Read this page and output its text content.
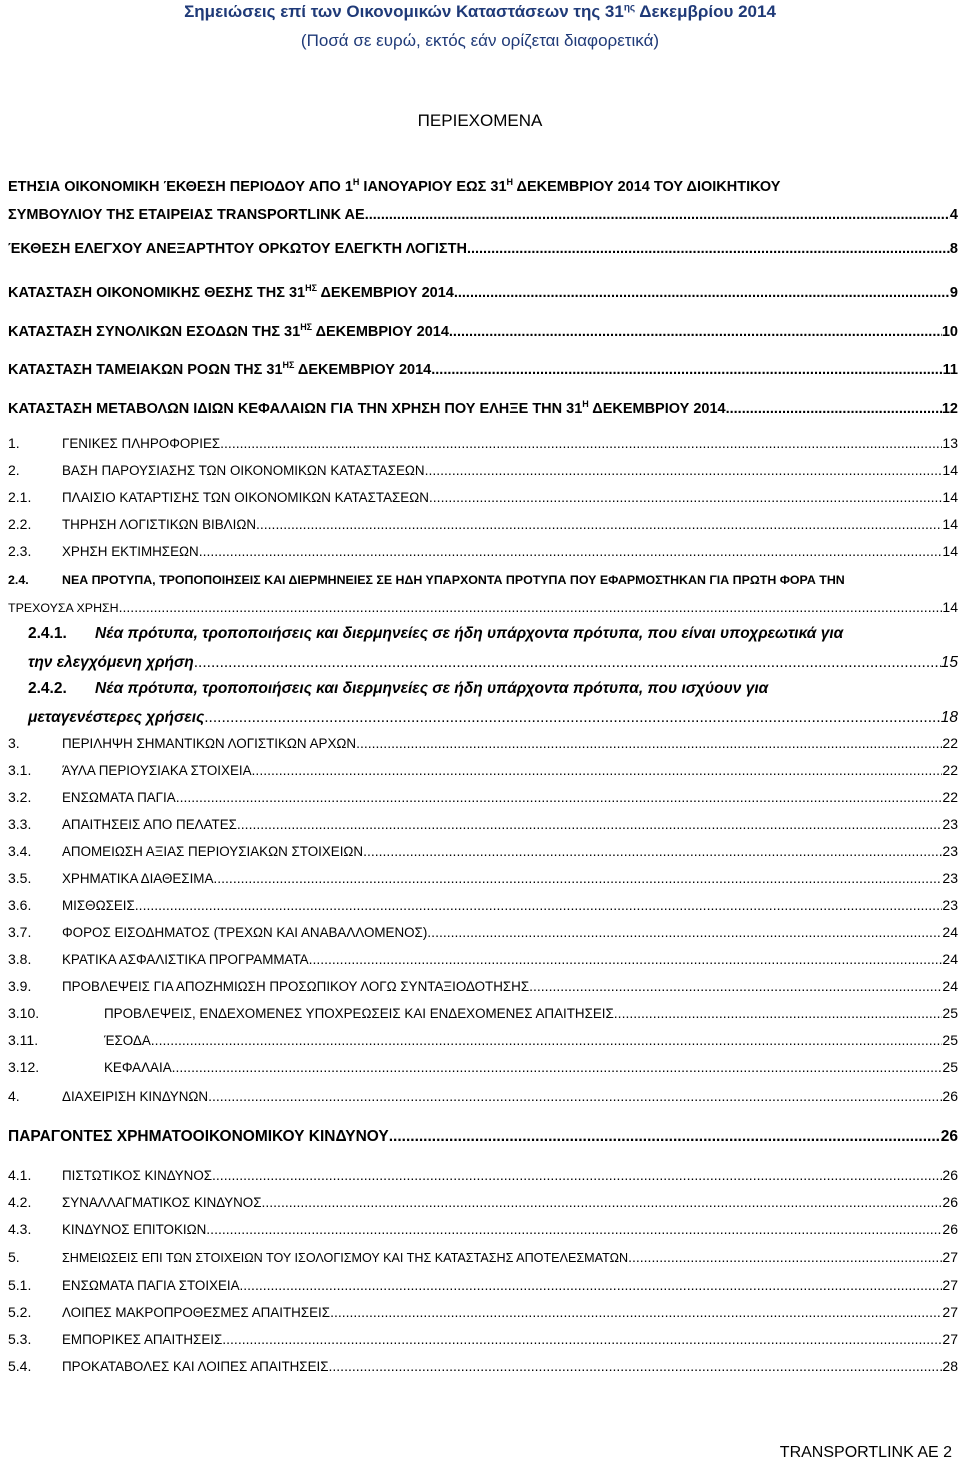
Σημειώσεις επί των Οικονομικών Καταστάσεων της $31^{\eta\varsigma}$ Δεκεμβρίου 2014
(Ποσά σε ευρώ, εκτός εάν ορίζεται διαφορετικά)
ΠΕΡΙΕΧΟΜΕΝΑ
ΕΤΗΣΙΑ ΟΙΚΟΝΟΜΙΚΗ ΈΚΘΕΣΗ ΠΕΡΙΟΔΟΥ ΑΠΟ $1^H$ ΙΑΝΟΥΑΡΙΟΥ ΕΩΣ $31^H$ ΔΕΚΕΜΒΡΙΟΥ 2014 ΤΟΥ ΔΙΟΙΚΗΤΙΚΟΥ
ΣΥΜΒΟΥΛΙΟΥ ΤΗΣ ΕΤΑΙΡΕΙΑΣ TRANSPORTLINK AE .....	4
ΈΚΘΕΣΗ ΕΛΕΓΧΟΥ ΑΝΕΞΑΡΤΗΤΟΥ ΟΡΚΩΤΟΥ ΕΛΕΓΚΤΗ ΛΟΓΙΣΤΗ .....	8
ΚΑΤΑΣΤΑΣΗ ΟΙΚΟΝΟΜΙΚΗΣ ΘΕΣΗΣ ΤΗΣ $31^{H\Sigma}$ ΔΕΚΕΜΒΡΙΟΥ 2014 .....	9
ΚΑΤΑΣΤΑΣΗ ΣΥΝΟΛΙΚΩΝ ΕΣΟΔΩΝ ΤΗΣ $31^{H\Sigma}$ ΔΕΚΕΜΒΡΙΟΥ 2014 .....	10
ΚΑΤΑΣΤΑΣΗ ΤΑΜΕΙΑΚΩΝ ΡΟΩΝ ΤΗΣ $31^{H\Sigma}$ ΔΕΚΕΜΒΡΙΟΥ 2014 .....	11
ΚΑΤΑΣΤΑΣΗ ΜΕΤΑΒΟΛΩΝ ΙΔΙΩΝ ΚΕΦΑΛΑΙΩΝ ΓΙΑ ΤΗΝ ΧΡΗΣΗ ΠΟΥ ΕΛΗΞΕ ΤΗΝ $31^H$ ΔΕΚΕΜΒΡΙΟΥ 2014 .....	12
1.	ΓΕΝΙΚΕΣ ΠΛΗΡΟΦΟΡΙΕΣ .....	13
2.	ΒΑΣΗ ΠΑΡΟΥΣΙΑΣΗΣ ΤΩΝ ΟΙΚΟΝΟΜΙΚΩΝ ΚΑΤΑΣΤΑΣΕΩΝ .....	14
2.1.	ΠΛΑΙΣΙΟ ΚΑΤΑΡΤΙΣΗΣ ΤΩΝ ΟΙΚΟΝΟΜΙΚΩΝ ΚΑΤΑΣΤΑΣΕΩΝ .....	14
2.2.	ΤΗΡΗΣΗ ΛΟΓΙΣΤΙΚΩΝ ΒΙΒΛΙΩΝ .....	14
2.3.	ΧΡΗΣΗ ΕΚΤΙΜΗΣΕΩΝ .....	14
2.4.	ΝΕΑ ΠΡΟΤΥΠΑ, ΤΡΟΠΟΠΟΙΗΣΕΙΣ ΚΑΙ ΔΙΕΡΜΗΝΕΙΕΣ ΣΕ ΗΔΗ ΥΠΑΡΧΟΝΤΑ ΠΡΟΤΥΠΑ ΠΟΥ ΕΦΑΡΜΟΣΤΗΚΑΝ ΓΙΑ ΠΡΩΤΗ ΦΟΡΑ ΤΗΝ
ΤΡΕΧΟΥΣΑ ΧΡΗΣΗ .....	14
2.4.1. Νέα πρότυπα, τροποποιήσεις και διερμηνείες σε ήδη υπάρχοντα πρότυπα, που είναι υποχρεωτικά για
την ελεγχόμενη χρήση .....	15
2.4.2. Νέα πρότυπα, τροποποιήσεις και διερμηνείες σε ήδη υπάρχοντα πρότυπα, που ισχύουν για
μεταγενέστερες χρήσεις .....	18
3.	ΠΕΡΙΛΗΨΗ ΣΗΜΑΝΤΙΚΩΝ ΛΟΓΙΣΤΙΚΩΝ ΑΡΧΩΝ .....	22
3.1.	ΆΥΛΑ ΠΕΡΙΟΥΣΙΑΚΑ ΣΤΟΙΧΕΙΑ .....	22
3.2.	ΕΝΣΩΜΑΤΑ ΠΑΓΙΑ .....	22
3.3.	ΑΠΑΙΤΗΣΕΙΣ ΑΠΟ ΠΕΛΑΤΕΣ .....	23
3.4.	ΑΠΟΜΕΙΩΣΗ ΑΞΙΑΣ ΠΕΡΙΟΥΣΙΑΚΩΝ ΣΤΟΙΧΕΙΩΝ .....	23
3.5.	ΧΡΗΜΑΤΙΚΑ ΔΙΑΘΕΣΙΜΑ .....	23
3.6.	ΜΙΣΘΩΣΕΙΣ .....	23
3.7.	ΦΟΡΟΣ ΕΙΣΟΔΗΜΑΤΟΣ (ΤΡΕΧΩΝ ΚΑΙ ΑΝΑΒΑΛΛΟΜΕΝΟΣ) .....	24
3.8.	ΚΡΑΤΙΚΑ ΑΣΦΑΛΙΣΤΙΚΑ ΠΡΟΓΡΑΜΜΑΤΑ .....	24
3.9.	ΠΡΟΒΛΕΨΕΙΣ ΓΙΑ ΑΠΟΖΗΜΙΩΣΗ ΠΡΟΣΩΠΙΚΟΥ ΛΟΓΩ ΣΥΝΤΑΞΙΟΔΟΤΗΣΗΣ .....	24
3.10.	ΠΡΟΒΛΕΨΕΙΣ, ΕΝΔΕΧΟΜΕΝΕΣ ΥΠΟΧΡΕΩΣΕΙΣ ΚΑΙ ΕΝΔΕΧΟΜΕΝΕΣ ΑΠΑΙΤΗΣΕΙΣ .....	25
3.11.	ΈΣΟΔΑ .....	25
3.12.	ΚΕΦΑΛΑΙΑ .....	25
4.	ΔΙΑΧΕΙΡΙΣΗ ΚΙΝΔΥΝΩΝ .....	26
ΠΑΡΑΓΟΝΤΕΣ ΧΡΗΜΑΤΟΟΙΚΟΝΟΜΙΚΟΥ ΚΙΝΔΥΝΟΥ .....	26
4.1.	ΠΙΣΤΩΤΙΚΟΣ ΚΙΝΔΥΝΟΣ .....	26
4.2.	ΣΥΝΑΛΛΑΓΜΑΤΙΚΟΣ ΚΙΝΔΥΝΟΣ .....	26
4.3.	ΚΙΝΔΥΝΟΣ ΕΠΙΤΟΚΙΩΝ .....	26
5.	ΣΗΜΕΙΩΣΕΙΣ ΕΠΙ ΤΩΝ ΣΤΟΙΧΕΙΩΝ ΤΟΥ ΙΣΟΛΟΓΙΣΜΟΥ ΚΑΙ ΤΗΣ ΚΑΤΑΣΤΑΣΗΣ ΑΠΟΤΕΛΕΣΜΑΤΩΝ .....	27
5.1.	ΕΝΣΩΜΑΤΑ ΠΑΓΙΑ ΣΤΟΙΧΕΙΑ. .....	27
5.2.	ΛΟΙΠΕΣ ΜΑΚΡΟΠΡΟΘΕΣΜΕΣ ΑΠΑΙΤΗΣΕΙΣ .....	27
5.3.	ΕΜΠΟΡΙΚΕΣ ΑΠΑΙΤΗΣΕΙΣ .....	27
5.4.	ΠΡΟΚΑΤΑΒΟΛΕΣ ΚΑΙ ΛΟΙΠΕΣ ΑΠΑΙΤΗΣΕΙΣ .....	28
TRANSPORTLINK AE 2
